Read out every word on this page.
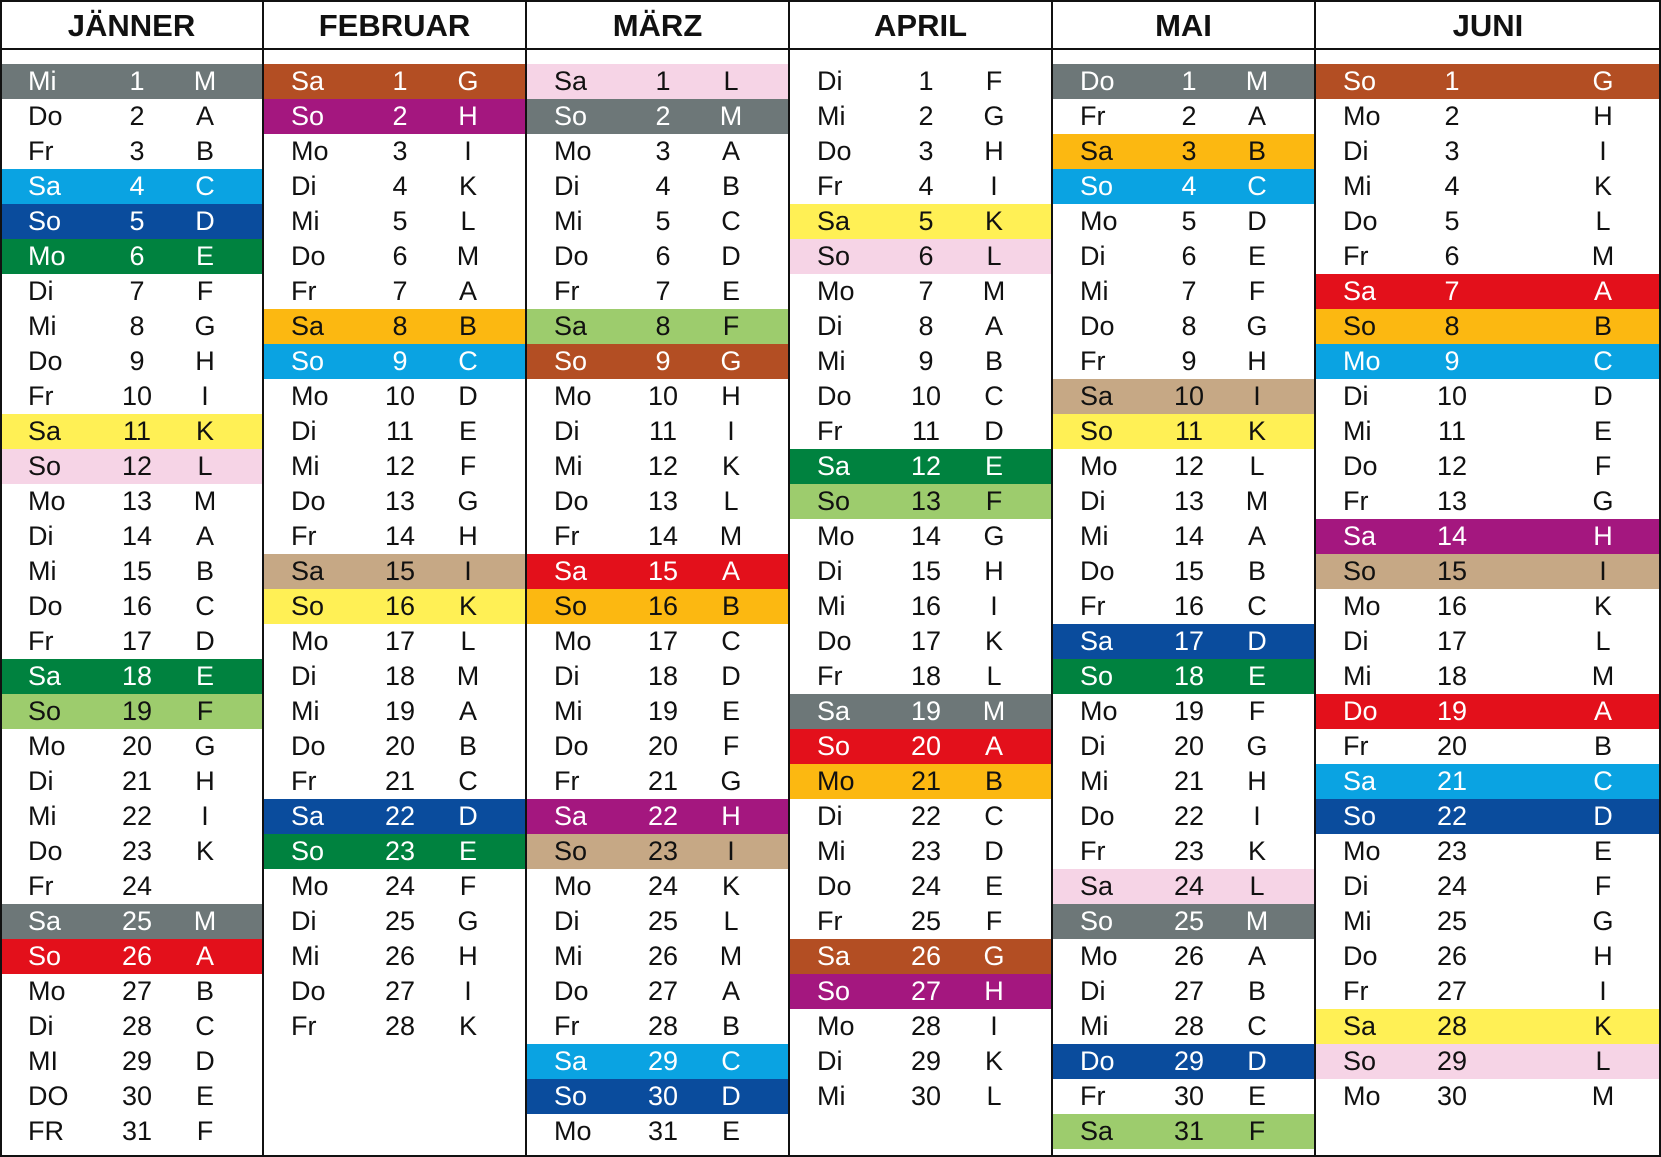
JÄNNER
Mi	1	M
Do	2	A
Fr	3	B
Sa	4	C
So	5	D
Mo	6	E
Di	7	F
Mi	8	G
Do	9	H
Fr	10	I
Sa	11	K
So	12	L
Mo	13	M
Di	14	A
Mi	15	B
Do	16	C
Fr	17	D
Sa	18	E
So	19	F
Mo	20	G
Di	21	H
Mi	22	I
Do	23	K
Fr	24
Sa	25	M
So	26	A
Mo	27	B
Di	28	C
MI	29	D
DO	30	E
FR	31	F
FEBRUAR
Sa	1	G
So	2	H
Mo	3	I
Di	4	K
Mi	5	L
Do	6	M
Fr	7	A
Sa	8	B
So	9	C
Mo	10	D
Di	11	E
Mi	12	F
Do	13	G
Fr	14	H
Sa	15	I
So	16	K
Mo	17	L
Di	18	M
Mi	19	A
Do	20	B
Fr	21	C
Sa	22	D
So	23	E
Mo	24	F
Di	25	G
Mi	26	H
Do	27	I
Fr	28	K
MÄRZ
Sa	1	L
So	2	M
Mo	3	A
Di	4	B
Mi	5	C
Do	6	D
Fr	7	E
Sa	8	F
So	9	G
Mo	10	H
Di	11	I
Mi	12	K
Do	13	L
Fr	14	M
Sa	15	A
So	16	B
Mo	17	C
Di	18	D
Mi	19	E
Do	20	F
Fr	21	G
Sa	22	H
So	23	I
Mo	24	K
Di	25	L
Mi	26	M
Do	27	A
Fr	28	B
Sa	29	C
So	30	D
Mo	31	E
APRIL
Di	1	F
Mi	2	G
Do	3	H
Fr	4	I
Sa	5	K
So	6	L
Mo	7	M
Di	8	A
Mi	9	B
Do	10	C
Fr	11	D
Sa	12	E
So	13	F
Mo	14	G
Di	15	H
Mi	16	I
Do	17	K
Fr	18	L
Sa	19	M
So	20	A
Mo	21	B
Di	22	C
Mi	23	D
Do	24	E
Fr	25	F
Sa	26	G
So	27	H
Mo	28	I
Di	29	K
Mi	30	L
MAI
Do	1	M
Fr	2	A
Sa	3	B
So	4	C
Mo	5	D
Di	6	E
Mi	7	F
Do	8	G
Fr	9	H
Sa	10	I
So	11	K
Mo	12	L
Di	13	M
Mi	14	A
Do	15	B
Fr	16	C
Sa	17	D
So	18	E
Mo	19	F
Di	20	G
Mi	21	H
Do	22	I
Fr	23	K
Sa	24	L
So	25	M
Mo	26	A
Di	27	B
Mi	28	C
Do	29	D
Fr	30	E
Sa	31	F
JUNI
So	1	G
Mo	2	H
Di	3	I
Mi	4	K
Do	5	L
Fr	6	M
Sa	7	A
So	8	B
Mo	9	C
Di	10	D
Mi	11	E
Do	12	F
Fr	13	G
Sa	14	H
So	15	I
Mo	16	K
Di	17	L
Mi	18	M
Do	19	A
Fr	20	B
Sa	21	C
So	22	D
Mo	23	E
Di	24	F
Mi	25	G
Do	26	H
Fr	27	I
Sa	28	K
So	29	L
Mo	30	M
